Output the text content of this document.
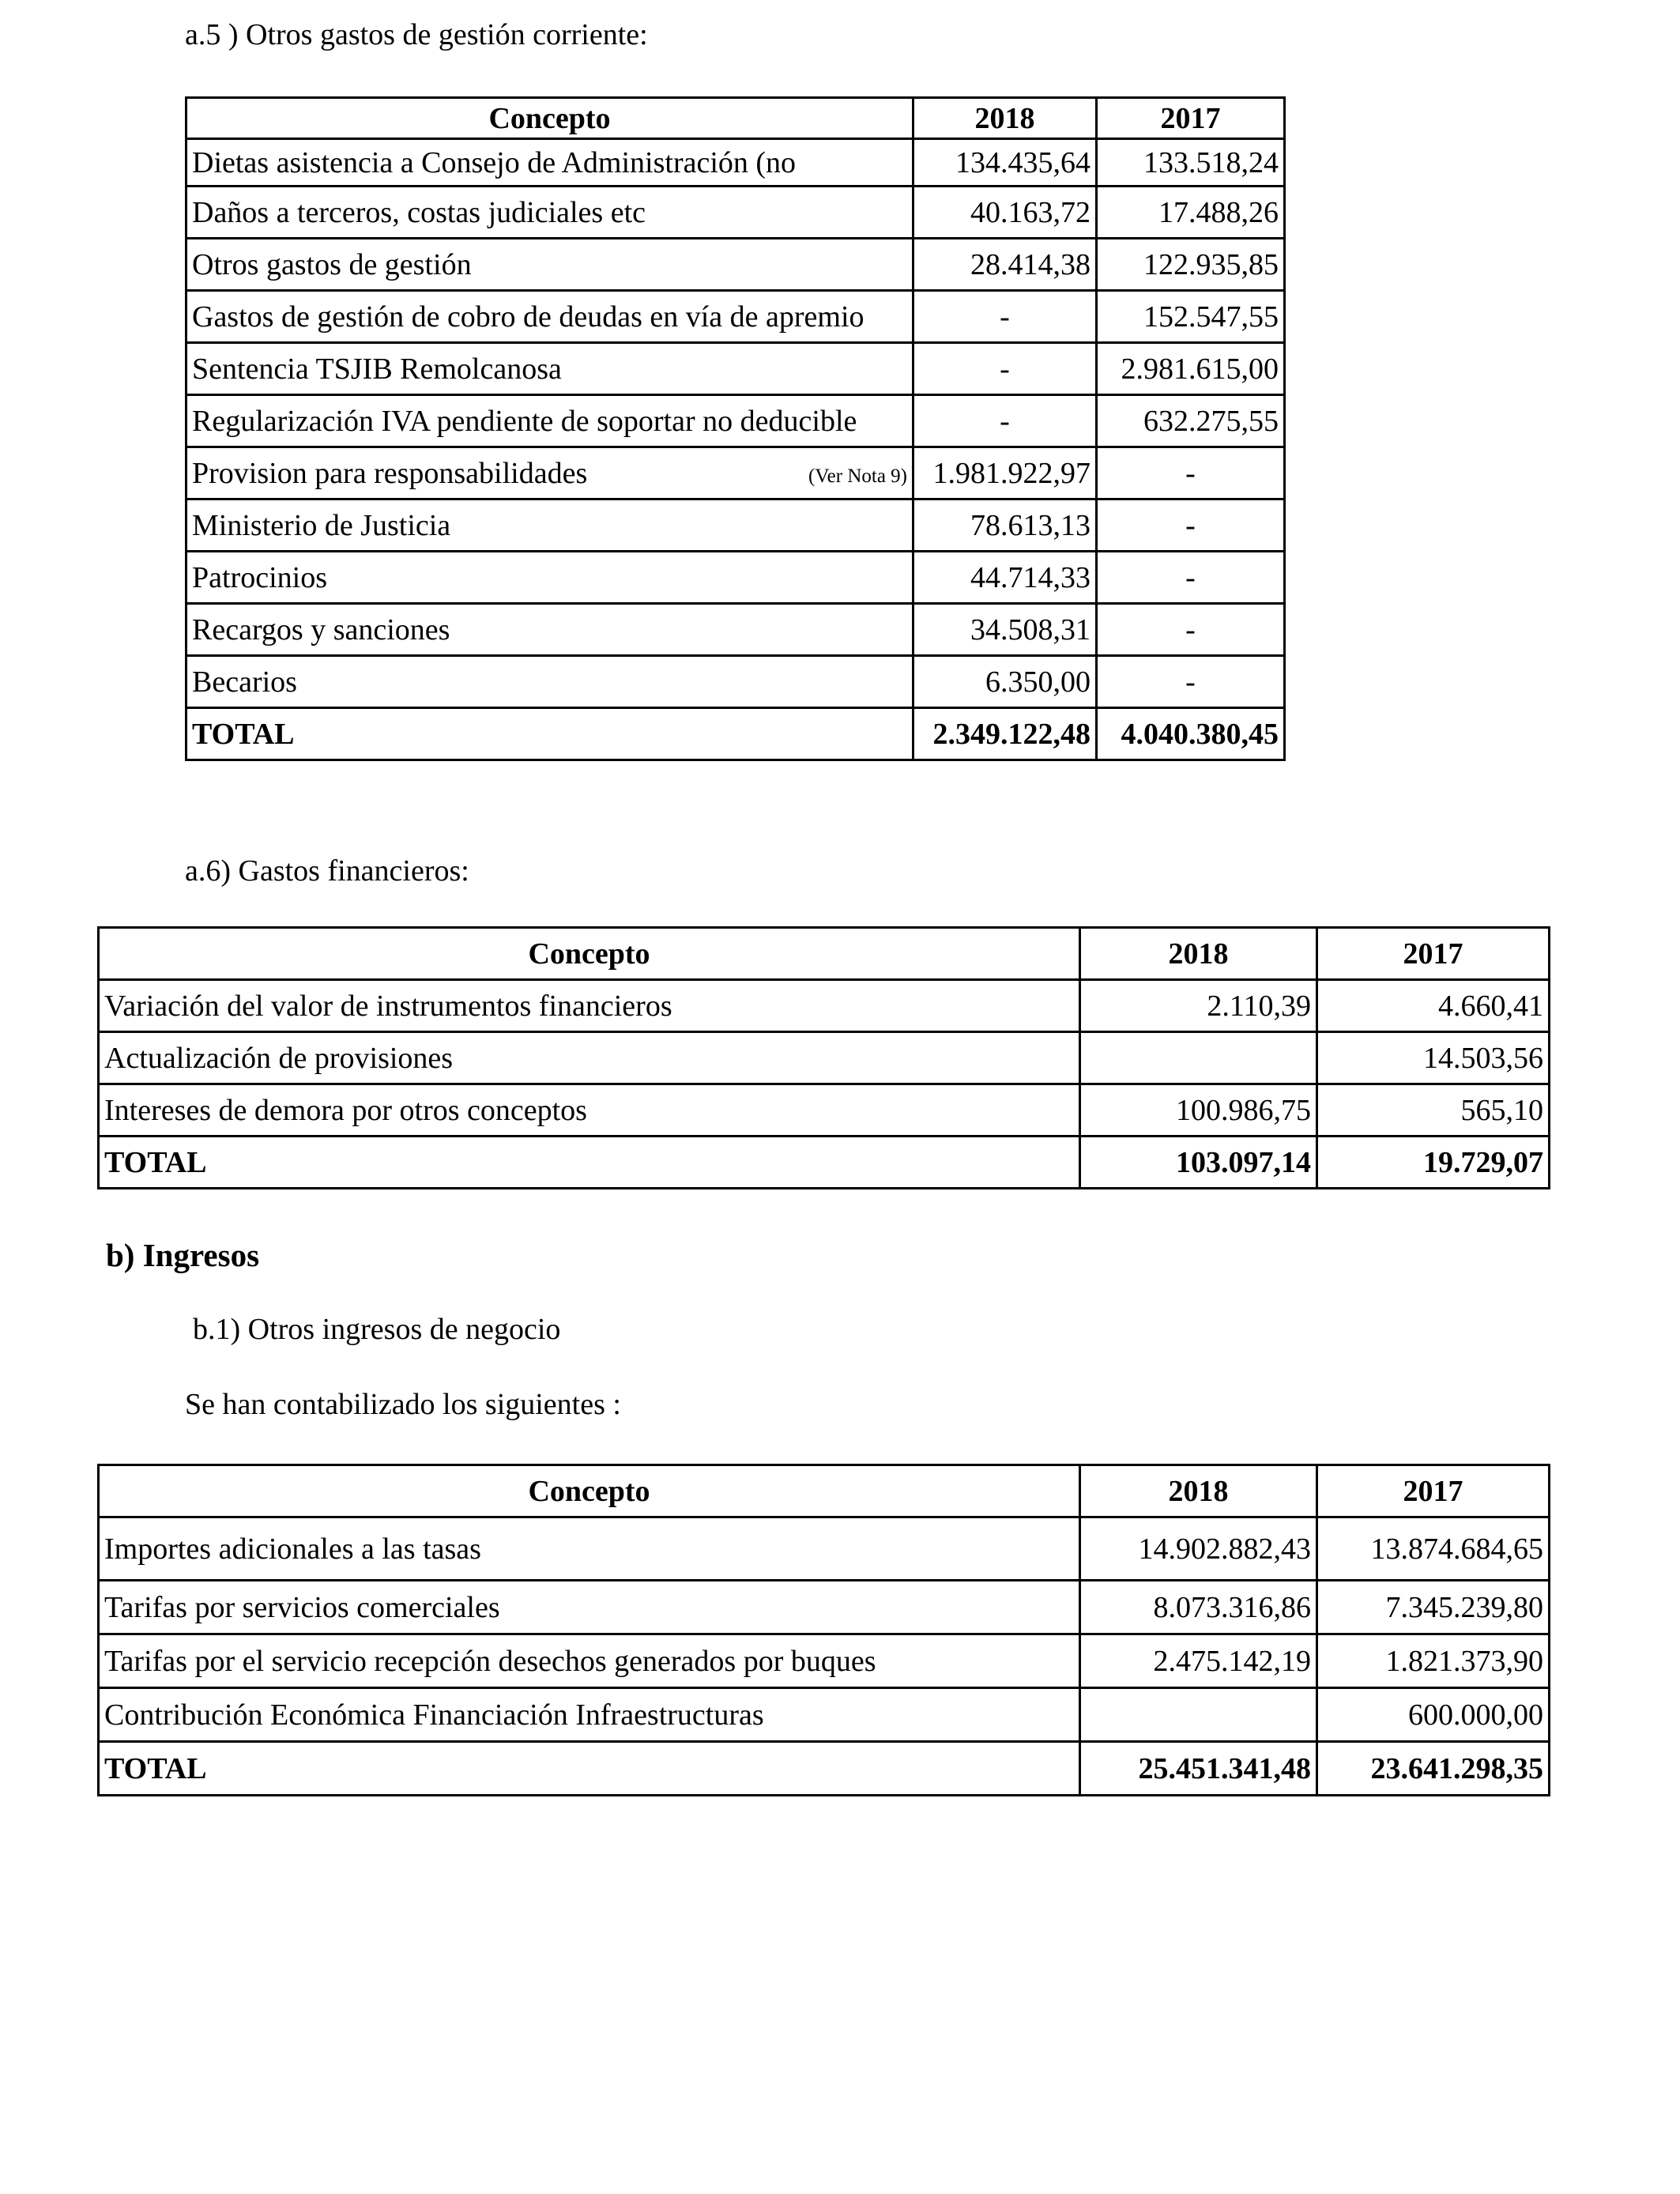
a.5 ) Otros gastos de gestión corriente:
Concepto	2018	2017
Dietas asistencia a Consejo de Administración (no	134.435,64	133.518,24
Daños a terceros, costas judiciales etc	40.163,72	17.488,26
Otros gastos de gestión	28.414,38	122.935,85
Gastos de gestión de cobro de deudas en vía de apremio	-	152.547,55
Sentencia TSJIB Remolcanosa	-	2.981.615,00
Regularización IVA pendiente de soportar no deducible	-	632.275,55
Provision para responsabilidades (Ver Nota 9)	1.981.922,97	-
Ministerio de Justicia	78.613,13	-
Patrocinios	44.714,33	-
Recargos y sanciones	34.508,31	-
Becarios	6.350,00	-
TOTAL	2.349.122,48	4.040.380,45
a.6) Gastos financieros:
Concepto	2018	2017
Variación del valor de instrumentos financieros	2.110,39	4.660,41
Actualización de provisiones		14.503,56
Intereses de demora por otros conceptos	100.986,75	565,10
TOTAL	103.097,14	19.729,07
b) Ingresos
b.1) Otros ingresos de negocio
Se han contabilizado los siguientes :
Concepto	2018	2017
Importes adicionales a las tasas	14.902.882,43	13.874.684,65
Tarifas por servicios comerciales	8.073.316,86	7.345.239,80
Tarifas por el servicio recepción desechos generados por buques	2.475.142,19	1.821.373,90
Contribución Económica Financiación Infraestructuras		600.000,00
TOTAL	25.451.341,48	23.641.298,35
